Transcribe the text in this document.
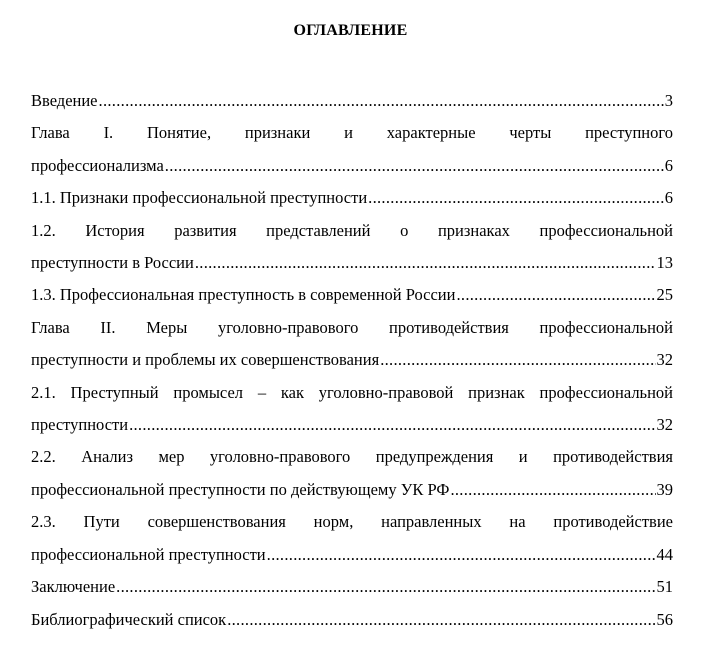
ОГЛАВЛЕНИЕ
Введение .....	3
Глава I. Понятие, признаки и характерные черты преступного
профессионализма .....	6
1.1. Признаки профессиональной преступности .....	6
1.2. История развития представлений о признаках профессиональной
преступности в России .....	13
1.3. Профессиональная преступность в современной России .....	25
Глава II. Меры уголовно-правового противодействия профессиональной
преступности и проблемы их совершенствования .....	32
2.1. Преступный промысел – как уголовно-правовой признак профессиональной
преступности .....	32
2.2. Анализ мер уголовно-правового предупреждения и противодействия
профессиональной преступности по действующему УК РФ .....	39
2.3. Пути совершенствования норм, направленных на противодействие
профессиональной преступности .....	44
Заключение .....	51
Библиографический список .....	56
